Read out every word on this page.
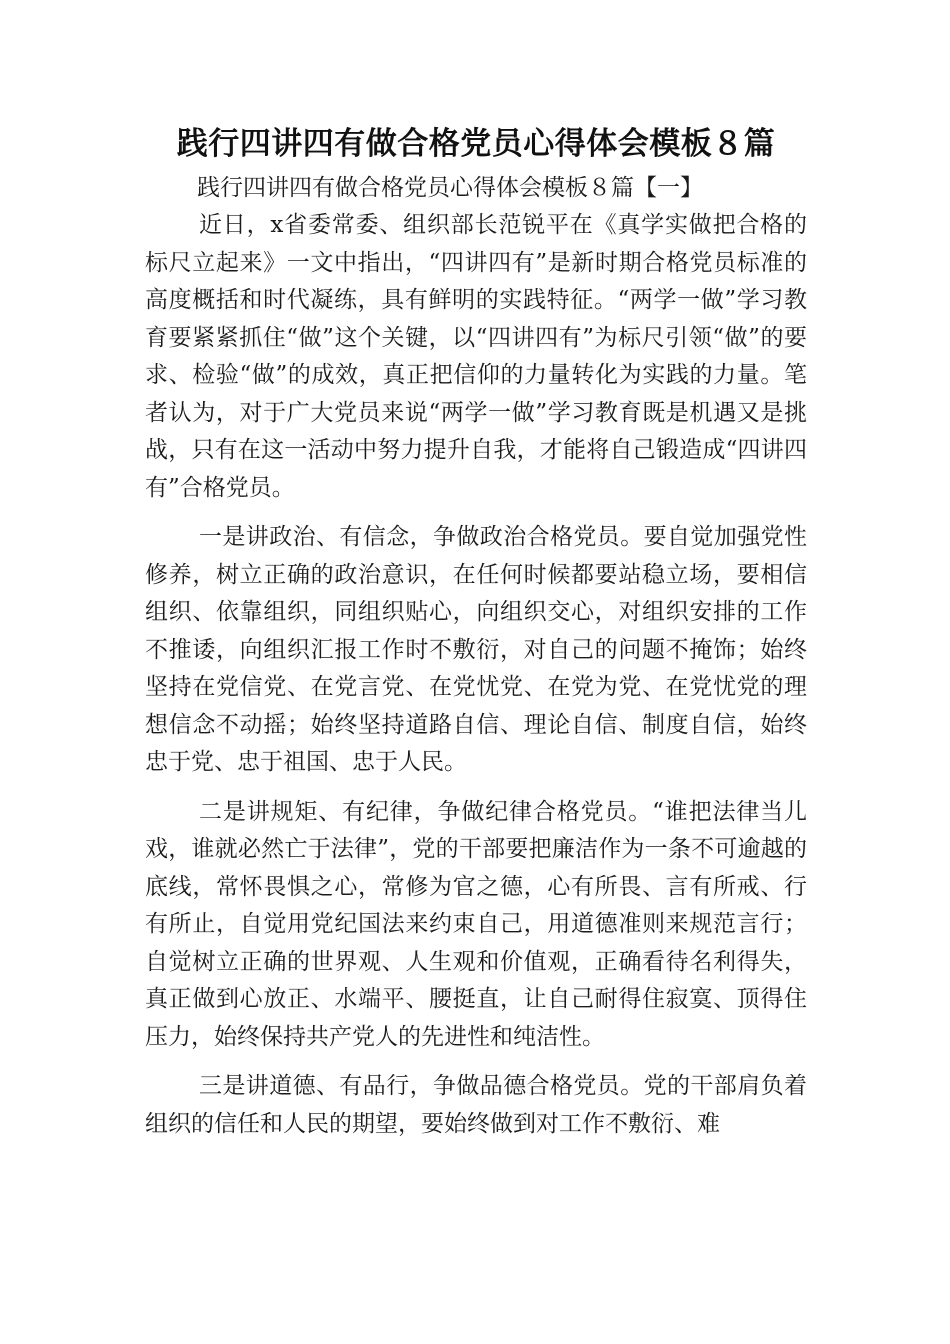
践行四讲四有做合格党员心得体会模板８篇

践行四讲四有做合格党员心得体会模板８篇【一】

近日，x省委常委、组织部长范锐平在《真学实做把合格的标尺立起来》一文中指出，“四讲四有”是新时期合格党员标准的高度概括和时代凝练，具有鲜明的实践特征。“两学一做”学习教育要紧紧抓住“做”这个关键，以“四讲四有”为标尺引领“做”的要求、检验“做”的成效，真正把信仰的力量转化为实践的力量。笔者认为，对于广大党员来说“两学一做”学习教育既是机遇又是挑战，只有在这一活动中努力提升自我，才能将自己锻造成“四讲四有”合格党员。

一是讲政治、有信念，争做政治合格党员。要自觉加强党性修养，树立正确的政治意识，在任何时候都要站稳立场，要相信组织、依靠组织，同组织贴心，向组织交心，对组织安排的工作不推诿，向组织汇报工作时不敷衍，对自己的问题不掩饰；始终坚持在党信党、在党言党、在党忧党、在党为党、在党忧党的理想信念不动摇；始终坚持道路自信、理论自信、制度自信，始终忠于党、忠于祖国、忠于人民。

二是讲规矩、有纪律，争做纪律合格党员。“谁把法律当儿戏，谁就必然亡于法律”，党的干部要把廉洁作为一条不可逾越的底线，常怀畏惧之心，常修为官之德，心有所畏、言有所戒、行有所止，自觉用党纪国法来约束自己，用道德准则来规范言行；自觉树立正确的世界观、人生观和价值观，正确看待名利得失，真正做到心放正、水端平、腰挺直，让自己耐得住寂寞、顶得住压力，始终保持共产党人的先进性和纯洁性。

三是讲道德、有品行，争做品德合格党员。党的干部肩负着组织的信任和人民的期望，要始终做到对工作不敷衍、难
